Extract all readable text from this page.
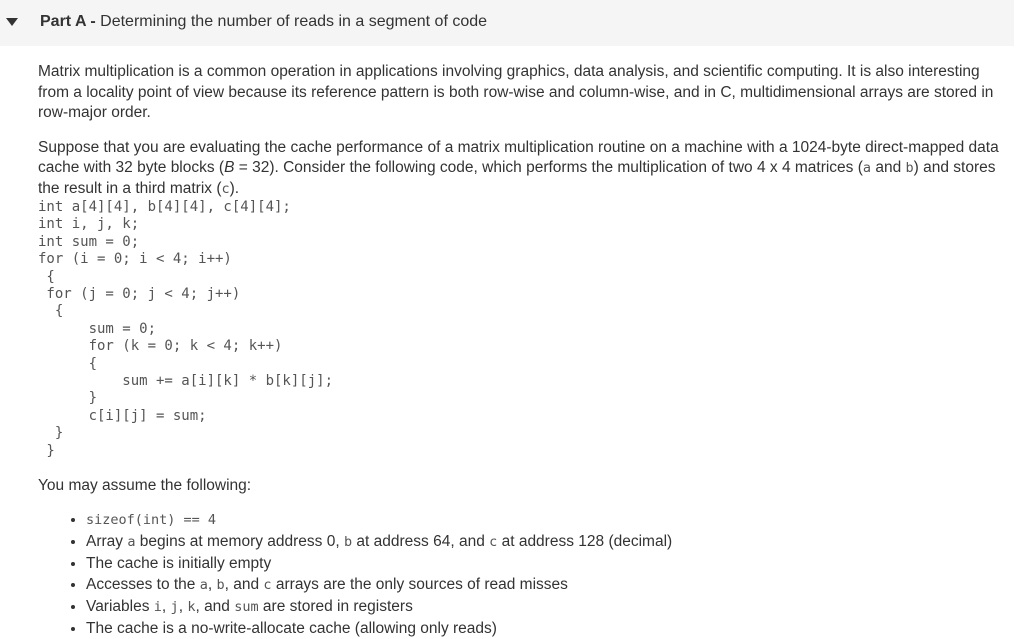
Part A - Determining the number of reads in a segment of code

Matrix multiplication is a common operation in applications involving graphics, data analysis, and scientific computing. It is also interesting from a locality point of view because its reference pattern is both row-wise and column-wise, and in C, multidimensional arrays are stored in row-major order.

Suppose that you are evaluating the cache performance of a matrix multiplication routine on a machine with a 1024-byte direct-mapped data cache with 32 byte blocks (B = 32). Consider the following code, which performs the multiplication of two 4 x 4 matrices (a and b) and stores the result in a third matrix (c).

int a[4][4], b[4][4], c[4][4];
int i, j, k;
int sum = 0;
for (i = 0; i < 4; i++)
{
for (j = 0; j < 4; j++)
{
sum = 0;
for (k = 0; k < 4; k++)
{
sum += a[i][k] * b[k][j];
}
c[i][j] = sum;
}
}

You may assume the following:

• sizeof(int) == 4
• Array a begins at memory address 0, b at address 64, and c at address 128 (decimal)
• The cache is initially empty
• Accesses to the a, b, and c arrays are the only sources of read misses
• Variables i, j, k, and sum are stored in registers
• The cache is a no-write-allocate cache (allowing only reads)
